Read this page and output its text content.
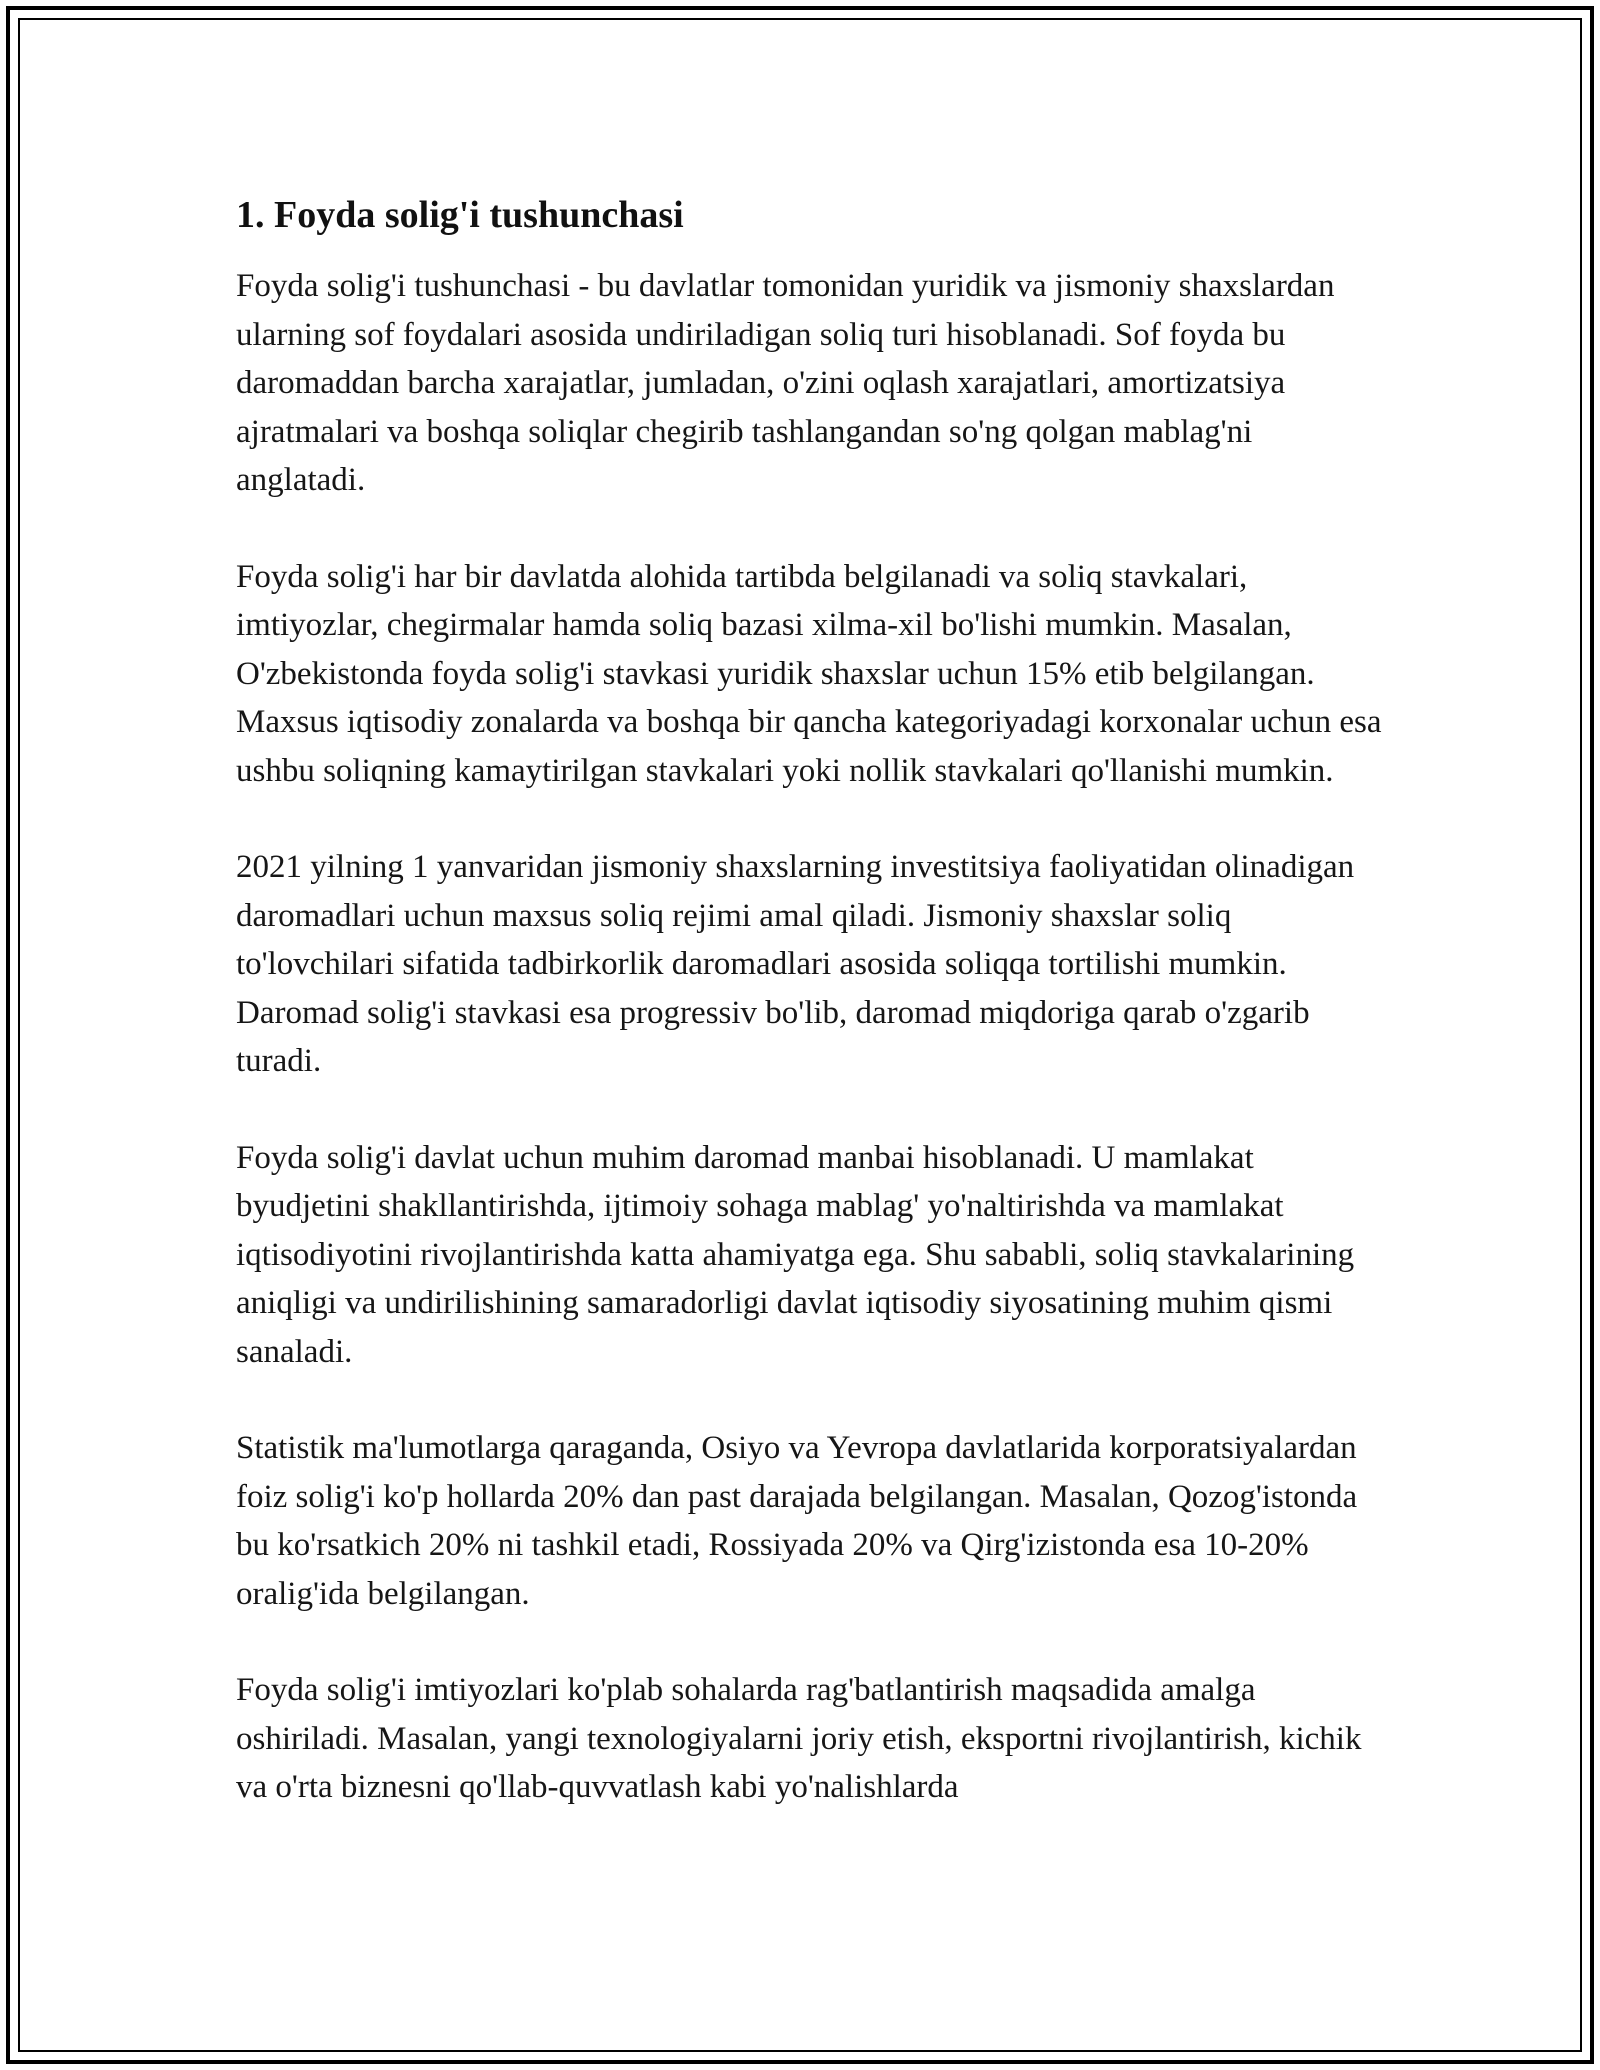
1. Foyda solig'i tushunchasi

Foyda solig'i tushunchasi - bu davlatlar tomonidan yuridik va jismoniy shaxslardan ularning sof foydalari asosida undiriladigan soliq turi hisoblanadi. Sof foyda bu daromaddan barcha xarajatlar, jumladan, o'zini oqlash xarajatlari, amortizatsiya ajratmalari va boshqa soliqlar chegirib tashlangandan so'ng qolgan mablag'ni anglatadi.

Foyda solig'i har bir davlatda alohida tartibda belgilanadi va soliq stavkalari, imtiyozlar, chegirmalar hamda soliq bazasi xilma-xil bo'lishi mumkin. Masalan, O'zbekistonda foyda solig'i stavkasi yuridik shaxslar uchun 15% etib belgilangan. Maxsus iqtisodiy zonalarda va boshqa bir qancha kategoriyadagi korxonalar uchun esa ushbu soliqning kamaytirilgan stavkalari yoki nollik stavkalari qo'llanishi mumkin.

2021 yilning 1 yanvaridan jismoniy shaxslarning investitsiya faoliyatidan olinadigan daromadlari uchun maxsus soliq rejimi amal qiladi. Jismoniy shaxslar soliq to'lovchilari sifatida tadbirkorlik daromadlari asosida soliqqa tortilishi mumkin. Daromad solig'i stavkasi esa progressiv bo'lib, daromad miqdoriga qarab o'zgarib turadi.

Foyda solig'i davlat uchun muhim daromad manbai hisoblanadi. U mamlakat byudjetini shakllantirishda, ijtimoiy sohaga mablag' yo'naltirishda va mamlakat iqtisodiyotini rivojlantirishda katta ahamiyatga ega. Shu sababli, soliq stavkalarining aniqligi va undirilishining samaradorligi davlat iqtisodiy siyosatining muhim qismi sanaladi.

Statistik ma'lumotlarga qaraganda, Osiyo va Yevropa davlatlarida korporatsiyalardan foiz solig'i ko'p hollarda 20% dan past darajada belgilangan. Masalan, Qozog'istonda bu ko'rsatkich 20% ni tashkil etadi, Rossiyada 20% va Qirg'izistonda esa 10-20% oralig'ida belgilangan.

Foyda solig'i imtiyozlari ko'plab sohalarda rag'batlantirish maqsadida amalga oshiriladi. Masalan, yangi texnologiyalarni joriy etish, eksportni rivojlantirish, kichik va o'rta biznesni qo'llab-quvvatlash kabi yo'nalishlarda
